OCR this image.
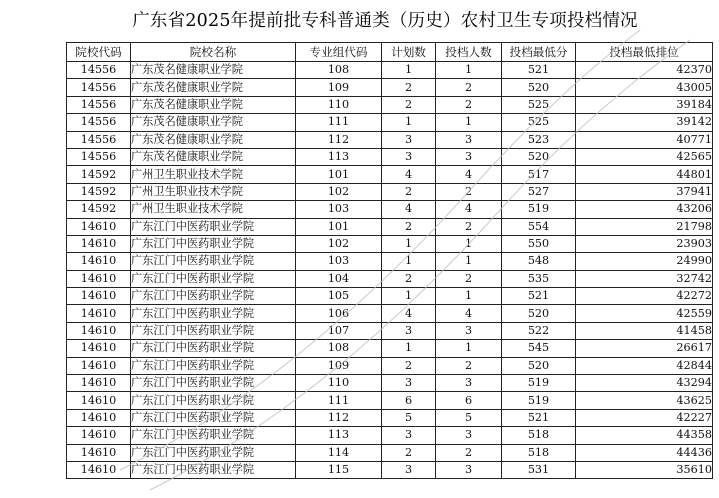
广东省2025年提前批专科普通类（历史）农村卫生专项投档情况
院校代码	院校名称	专业组代码	计划数	投档人数	投档最低分	投档最低排位
14556	广东茂名健康职业学院	108	1	1	521	42370
14556	广东茂名健康职业学院	109	2	2	520	43005
14556	广东茂名健康职业学院	110	2	2	525	39184
14556	广东茂名健康职业学院	111	1	1	525	39142
14556	广东茂名健康职业学院	112	3	3	523	40771
14556	广东茂名健康职业学院	113	3	3	520	42565
14592	广州卫生职业技术学院	101	4	4	517	44801
14592	广州卫生职业技术学院	102	2	2	527	37941
14592	广州卫生职业技术学院	103	4	4	519	43206
14610	广东江门中医药职业学院	101	2	2	554	21798
14610	广东江门中医药职业学院	102	1	1	550	23903
14610	广东江门中医药职业学院	103	1	1	548	24990
14610	广东江门中医药职业学院	104	2	2	535	32742
14610	广东江门中医药职业学院	105	1	1	521	42272
14610	广东江门中医药职业学院	106	4	4	520	42559
14610	广东江门中医药职业学院	107	3	3	522	41458
14610	广东江门中医药职业学院	108	1	1	545	26617
14610	广东江门中医药职业学院	109	2	2	520	42844
14610	广东江门中医药职业学院	110	3	3	519	43294
14610	广东江门中医药职业学院	111	6	6	519	43625
14610	广东江门中医药职业学院	112	5	5	521	42227
14610	广东江门中医药职业学院	113	3	3	518	44358
14610	广东江门中医药职业学院	114	2	2	518	44436
14610	广东江门中医药职业学院	115	3	3	531	35610
